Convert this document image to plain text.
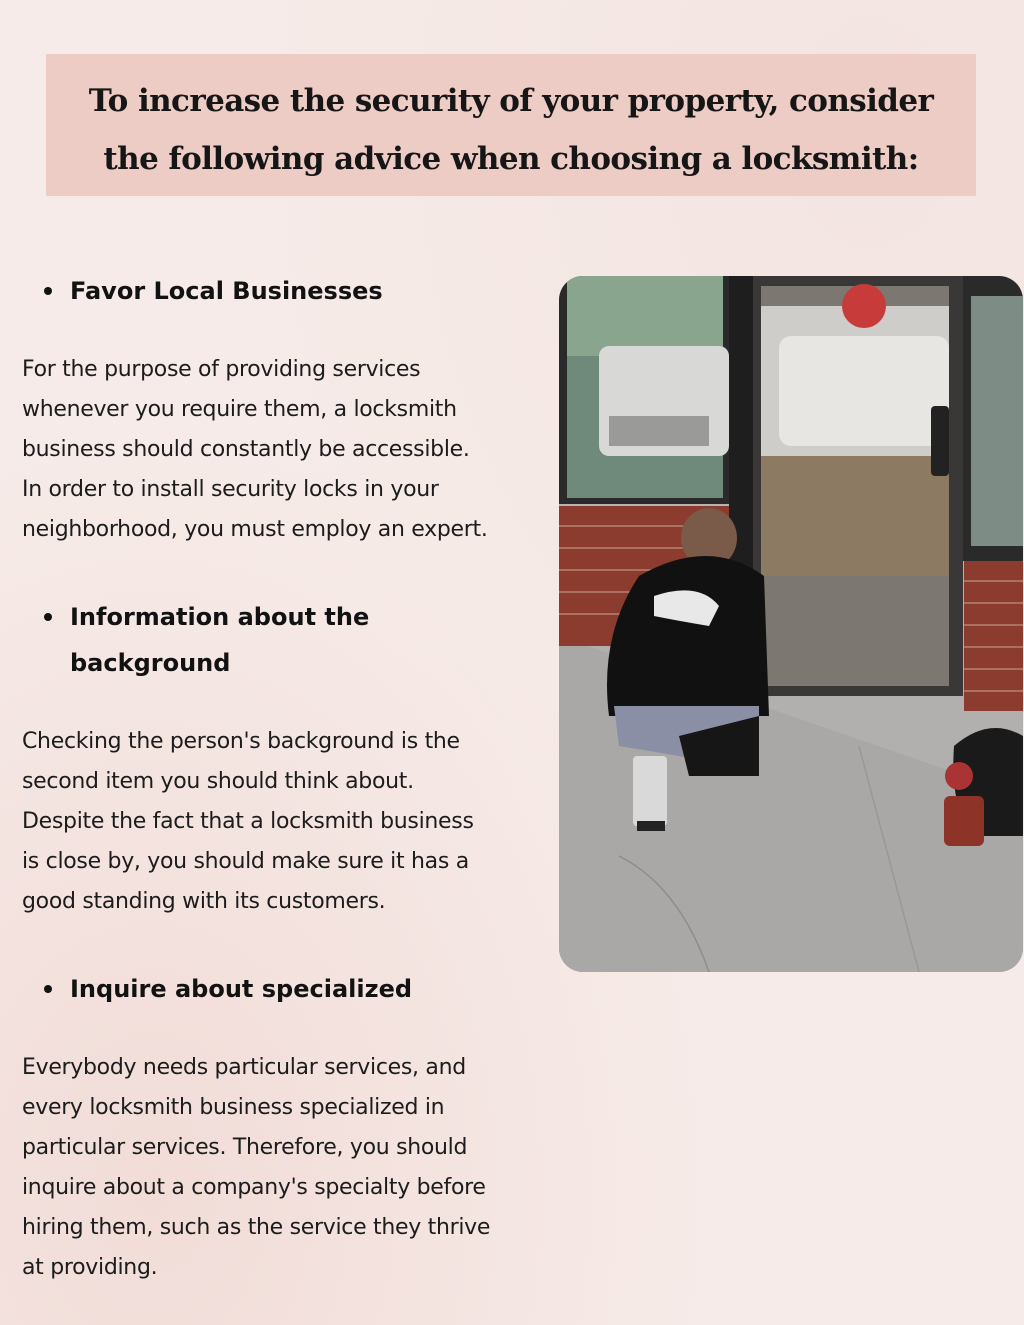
To increase the security of your property, consider
the following advice when choosing a locksmith:
Favor Local Businesses
For the purpose of providing services
whenever you require them, a locksmith
business should constantly be accessible.
In order to install security locks in your
neighborhood, you must employ an expert.
Information about the
background
Checking the person's background is the
second item you should think about.
Despite the fact that a locksmith business
is close by, you should make sure it has a
good standing with its customers.
Inquire about specialized
Everybody needs particular services, and
every locksmith business specialized in
particular services. Therefore, you should
inquire about a company's specialty before
hiring them, such as the service they thrive
at providing.
